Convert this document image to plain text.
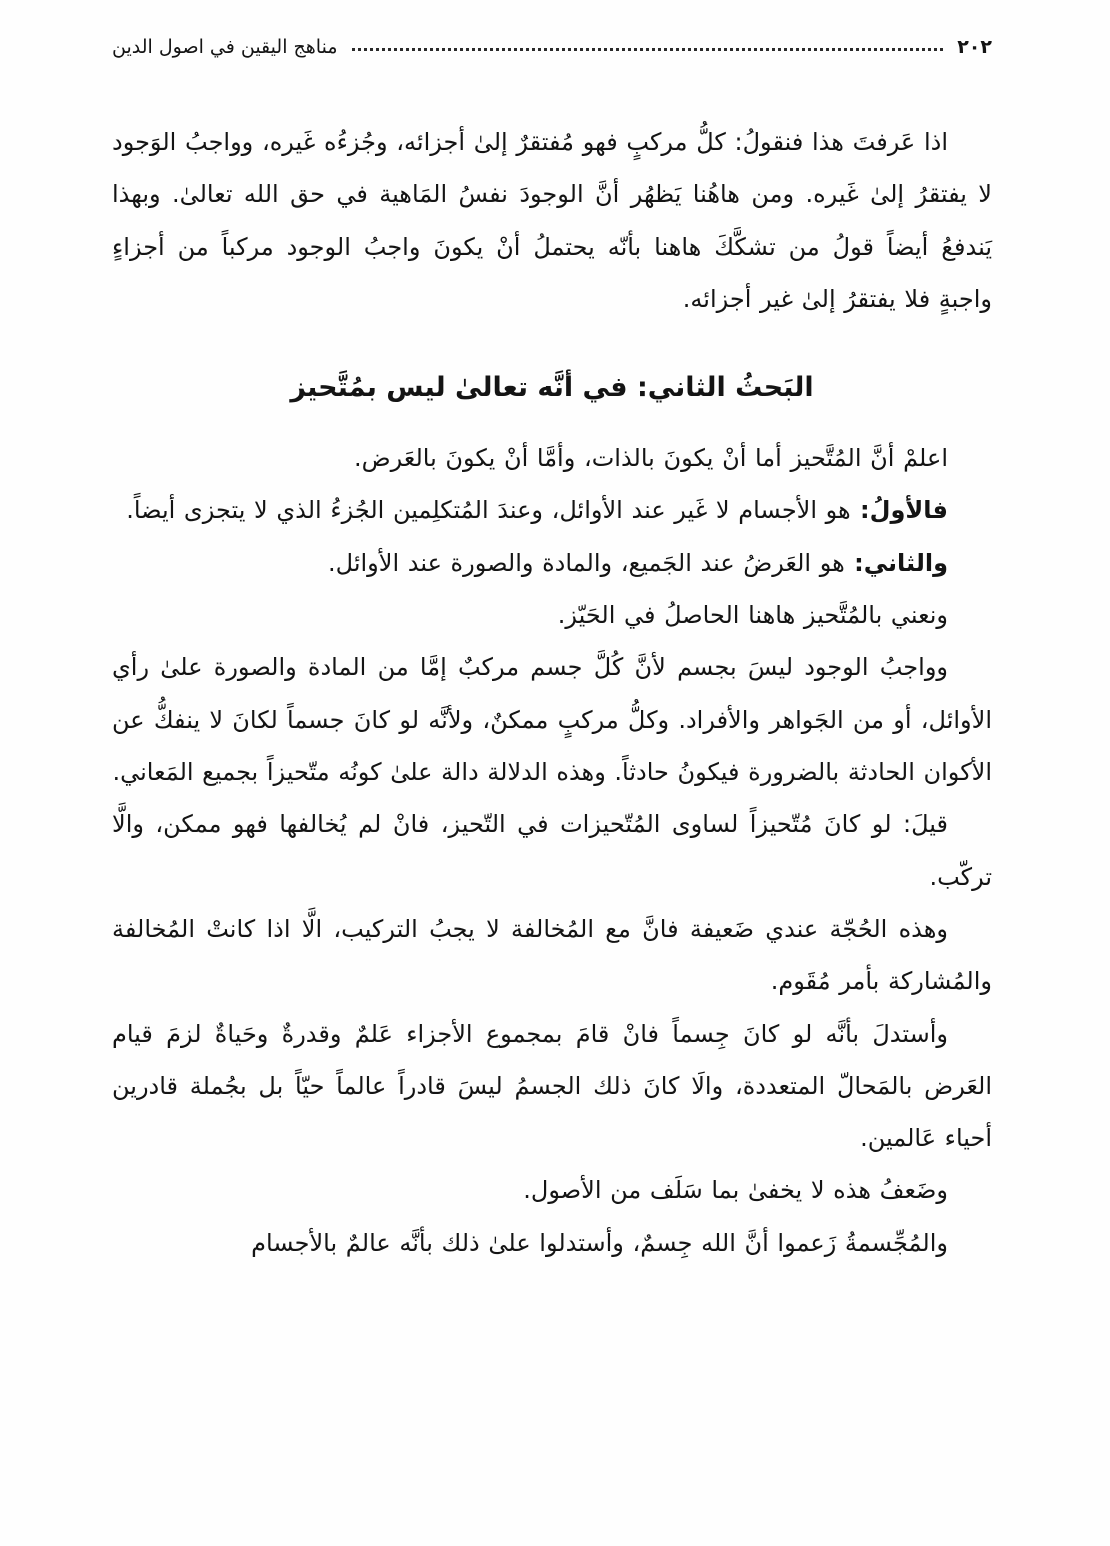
٢٠٢
مناهج اليقين في اصول الدين

اذا عَرفتَ هذا فنقولُ: كلُّ مركبٍ فهو مُفتقرٌ إلىٰ أجزائه، وجُزءُه غَيره، وواجبُ الوَجود لا يفتقرُ إلىٰ غَيره. ومن هاهُنا يَظهُر أنَّ الوجودَ نفسُ المَاهية في حق الله تعالىٰ. وبهذا يَندفعُ أيضاً قولُ من تشكَّكَ هاهنا بأنّه يحتملُ أنْ يكونَ واجبُ الوجود مركباً من أجزاءٍ واجبةٍ فلا يفتقرُ إلىٰ غير أجزائه.

البَحثُ الثاني: في أنَّه تعالىٰ ليس بمُتَّحيز

اعلمْ أنَّ المُتَّحيز أما أنْ يكونَ بالذات، وأمَّا أنْ يكونَ بالعَرض.

فالأولُ: هو الأجسام لا غَير عند الأوائل، وعندَ المُتكلِمين الجُزءُ الذي لا يتجزى أيضاً.

والثاني: هو العَرضُ عند الجَميع، والمادة والصورة عند الأوائل.

ونعني بالمُتَّحيز هاهنا الحاصلُ في الحَيّز.

وواجبُ الوجود ليسَ بجسم لأنَّ كُلَّ جسم مركبٌ إمَّا من المادة والصورة علىٰ رأي الأوائل، أو من الجَواهر والأفراد. وكلُّ مركبٍ ممكنٌ، ولأنَّه لو كانَ جسماً لكانَ لا ينفكُّ عن الأكوان الحادثة بالضرورة فيكونُ حادثاً. وهذه الدلالة دالة علىٰ كونُه متّحيزاً بجميع المَعاني.

قيلَ: لو كانَ مُتّحيزاً لساوى المُتّحيزات في التّحيز، فانْ لم يُخالفها فهو ممكن، والَّا تركّب.

وهذه الحُجّة عندي ضَعيفة فانَّ مع المُخالفة لا يجبُ التركيب، الَّا اذا كانتْ المُخالفة والمُشاركة بأمر مُقَوم.

وأستدلَ بأنَّه لو كانَ جِسماً فانْ قامَ بمجموع الأجزاء عَلمٌ وقدرةٌ وحَياةٌ لزمَ قيام العَرض بالمَحالّ المتعددة، والَا كانَ ذلك الجسمُ ليسَ قادراً عالماً حيّاً بل بجُملة قادرين أحياء عَالمين.

وضَعفُ هذه لا يخفىٰ بما سَلَف من الأصول.

والمُجِّسمةُ زَعموا أنَّ الله جِسمٌ، وأستدلوا علىٰ ذلك بأنَّه عالمٌ بالأجسام
